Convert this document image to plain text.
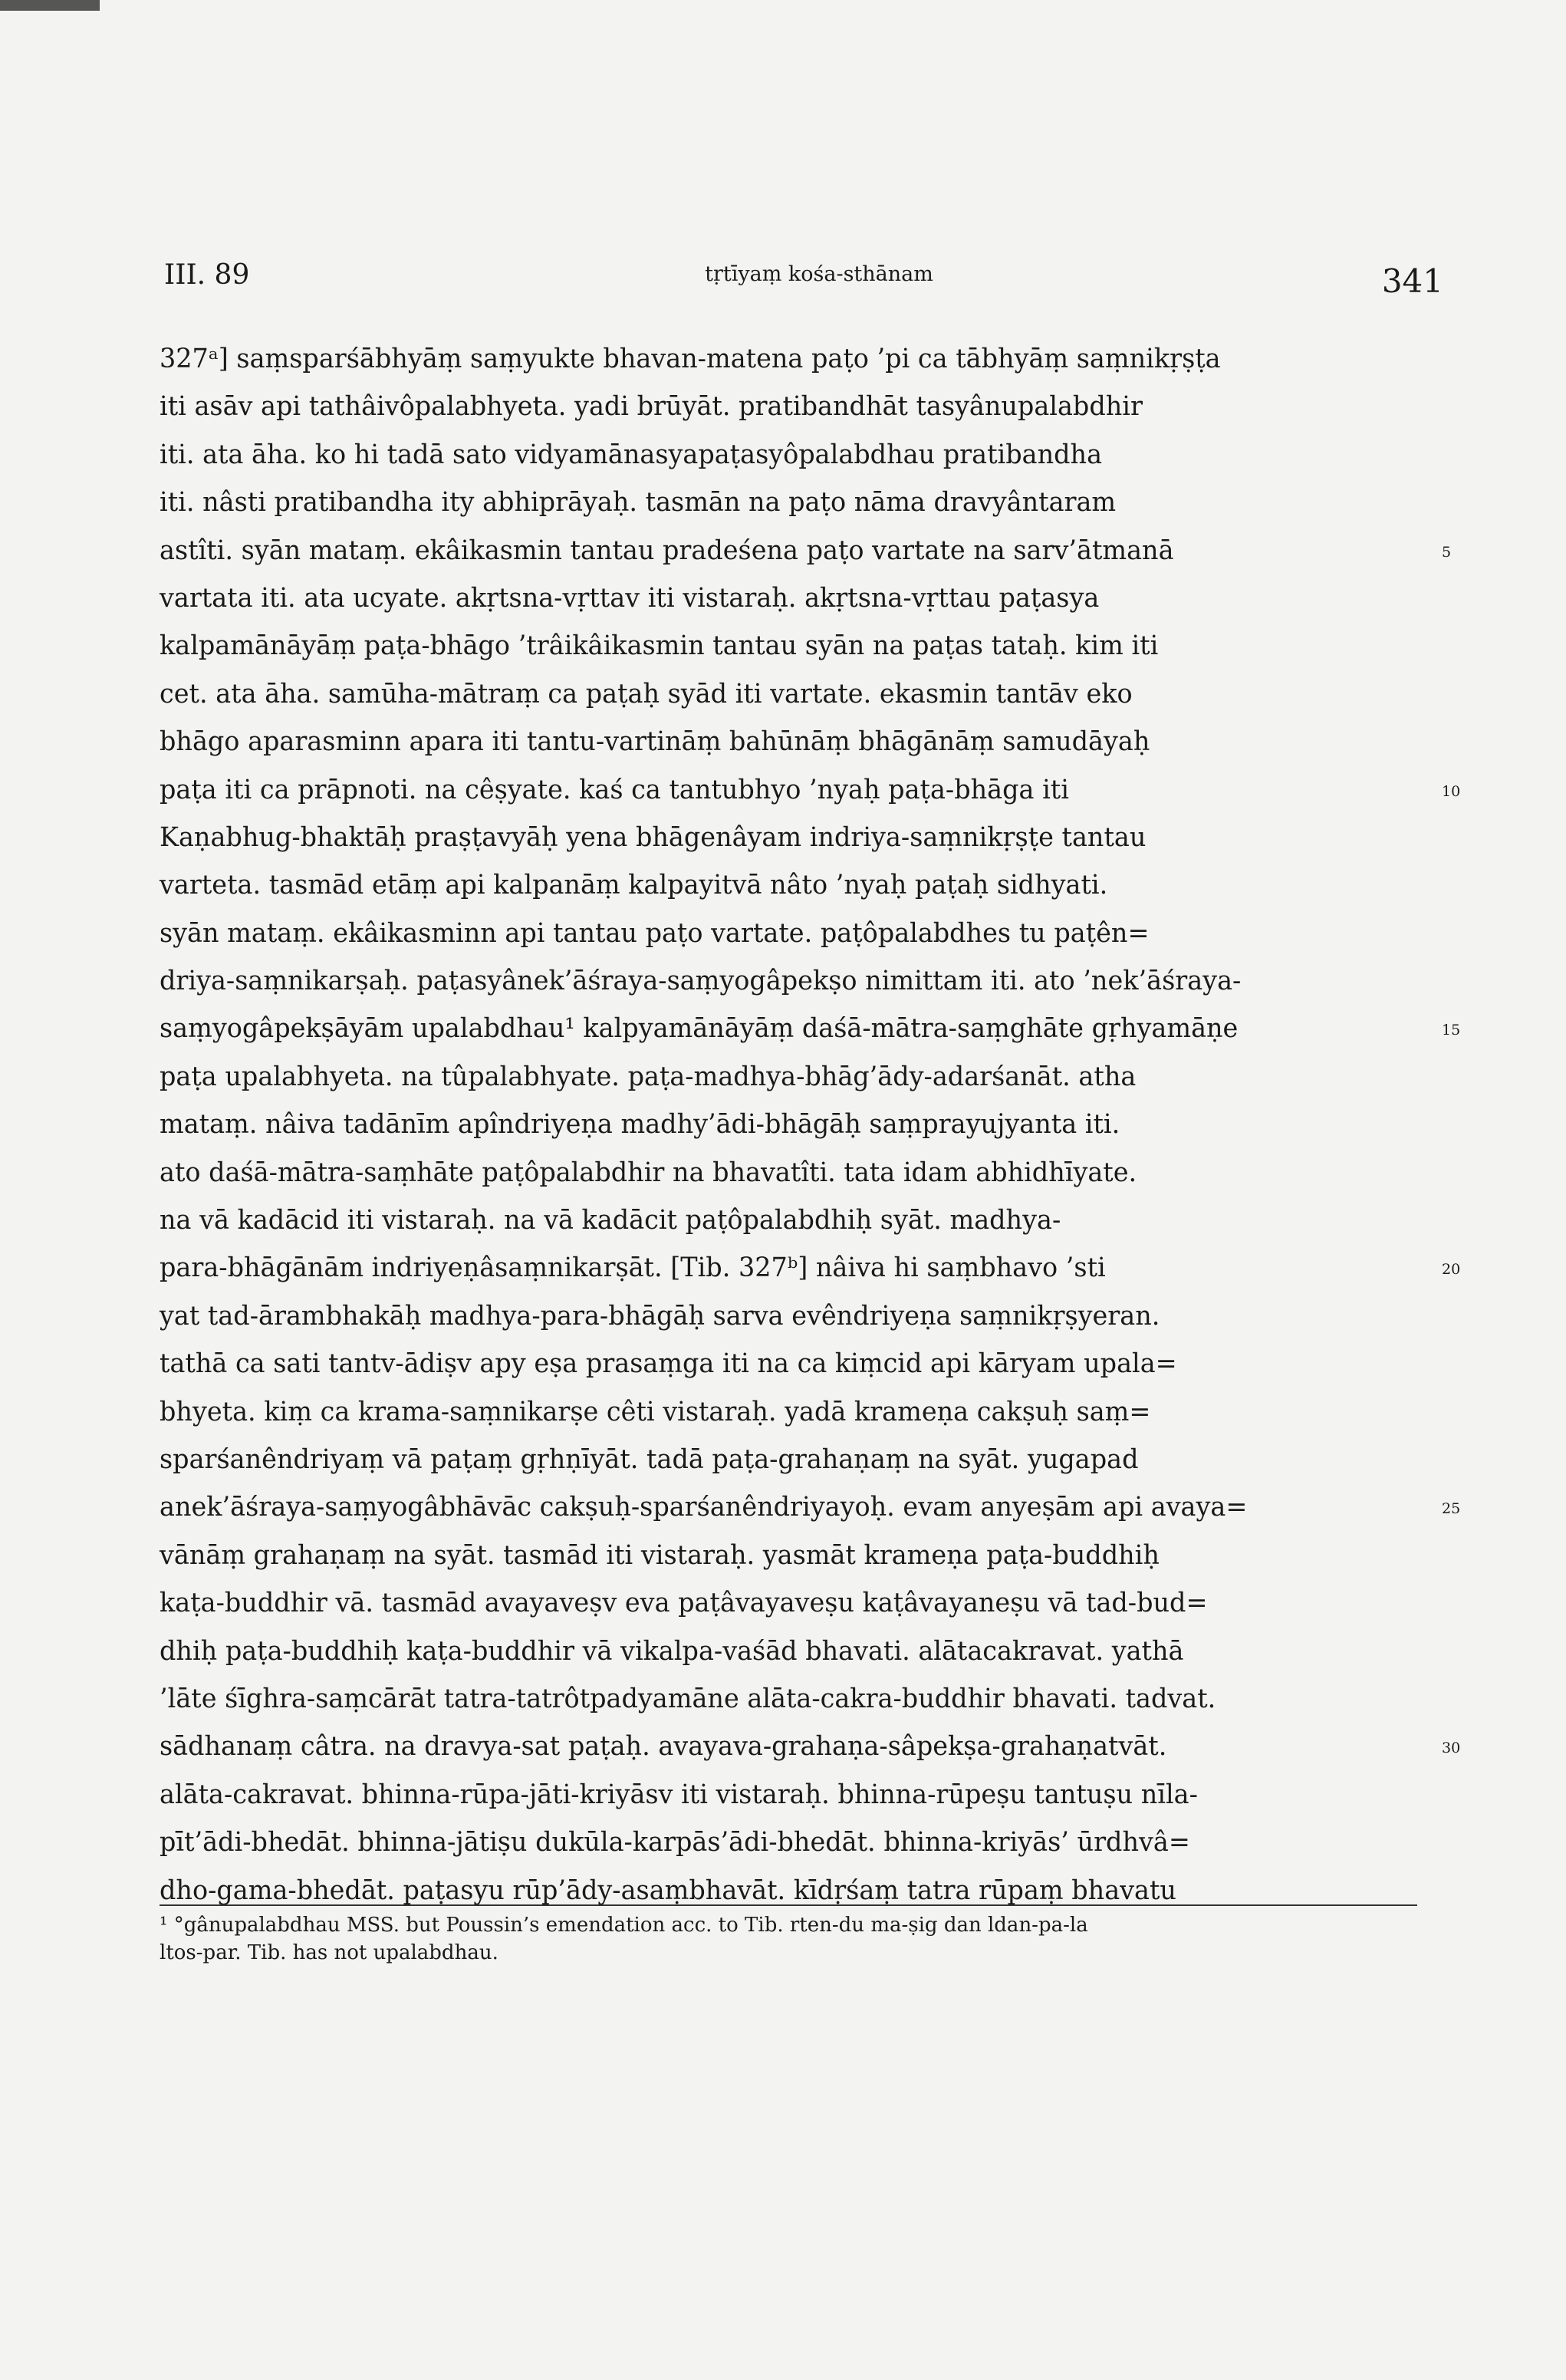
III. 89	tṛtīyaṃ kośa-sthānam	341
327ᵃ] saṃsparśābhyāṃ saṃyukte bhavan-matena paṭo ’pi ca tābhyāṃ saṃnikṛṣṭa
iti asāv api tathâivôpalabhyeta. yadi brūyāt. pratibandhāt tasyânupalabdhir
iti. ata āha. ko hi tadā sato vidyamānasyapaṭasyôpalabdhau pratibandha
iti. nâsti pratibandha ity abhiprāyaḥ. tasmān na paṭo nāma dravyântaram
astîti. syān mataṃ. ekâikasmin tantau pradeśena paṭo vartate na sarv’ātmanā	5
vartata iti. ata ucyate. akṛtsna-vṛttav iti vistaraḥ. akṛtsna-vṛttau paṭasya
kalpamānāyāṃ paṭa-bhāgo ’trâikâikasmin tantau syān na paṭas tataḥ. kim iti
cet. ata āha. samūha-mātraṃ ca paṭaḥ syād iti vartate. ekasmin tantāv eko
bhāgo aparasminn apara iti tantu-vartināṃ bahūnāṃ bhāgānāṃ samudāyaḥ
paṭa iti ca prāpnoti. na cêṣyate. kaś ca tantubhyo ’nyaḥ paṭa-bhāga iti	10
Kaṇabhug-bhaktāḥ praṣṭavyāḥ yena bhāgenâyam indriya-saṃnikṛṣṭe tantau
varteta. tasmād etāṃ api kalpanāṃ kalpayitvā nâto ’nyaḥ paṭaḥ sidhyati.
syān mataṃ. ekâikasminn api tantau paṭo vartate. paṭôpalabdhes tu paṭên=
driya-saṃnikarṣaḥ. paṭasyânek’āśraya-saṃyogâpekṣo nimittam iti. ato ’nek’āśraya-
saṃyogâpekṣāyām upalabdhau¹ kalpyamānāyāṃ daśā-mātra-saṃghāte gṛhyamāṇe	15
paṭa upalabhyeta. na tûpalabhyate. paṭa-madhya-bhāg’ādy-adarśanāt. atha
mataṃ. nâiva tadānīm apîndriyeṇa madhy’ādi-bhāgāḥ saṃprayujyanta iti.
ato daśā-mātra-saṃhāte paṭôpalabdhir na bhavatîti. tata idam abhidhīyate.
na vā kadācid iti vistaraḥ. na vā kadācit paṭôpalabdhiḥ syāt. madhya-
para-bhāgānām indriyeṇâsaṃnikarṣāt. [Tib. 327ᵇ] nâiva hi saṃbhavo ’sti	20
yat tad-ārambhakāḥ madhya-para-bhāgāḥ sarva evêndriyeṇa saṃnikṛṣyeran.
tathā ca sati tantv-ādiṣv apy eṣa prasaṃga iti na ca kiṃcid api kāryam upala=
bhyeta. kiṃ ca krama-saṃnikarṣe cêti vistaraḥ. yadā krameṇa cakṣuḥ saṃ=
sparśanêndriyaṃ vā paṭaṃ gṛhṇīyāt. tadā paṭa-grahaṇaṃ na syāt. yugapad
anek’āśraya-saṃyogâbhāvāc cakṣuḥ-sparśanêndriyayoḥ. evam anyeṣām api avaya=	25
vānāṃ grahaṇaṃ na syāt. tasmād iti vistaraḥ. yasmāt krameṇa paṭa-buddhiḥ
kaṭa-buddhir vā. tasmād avayaveṣv eva paṭâvayaveṣu kaṭâvayaneṣu vā tad-bud=
dhiḥ paṭa-buddhiḥ kaṭa-buddhir vā vikalpa-vaśād bhavati. alātacakravat. yathā
’lāte śīghra-saṃcārāt tatra-tatrôtpadyamāne alāta-cakra-buddhir bhavati. tadvat.
sādhanaṃ câtra. na dravya-sat paṭaḥ. avayava-grahaṇa-sâpekṣa-grahaṇatvāt.	30
alāta-cakravat. bhinna-rūpa-jāti-kriyāsv iti vistaraḥ. bhinna-rūpeṣu tantuṣu nīla-
pīt’ādi-bhedāt. bhinna-jātiṣu dukūla-karpās’ādi-bhedāt. bhinna-kriyās’ ūrdhvâ=
dho-gama-bhedāt. paṭasyu rūp’ādy-asaṃbhavāt. kīdṛśaṃ tatra rūpaṃ bhavatu
¹ °gânupalabdhau MSS. but Poussin’s emendation acc. to Tib. rten-du ma-ṣig dan ldan-pa-la
ltos-par. Tib. has not upalabdhau.
